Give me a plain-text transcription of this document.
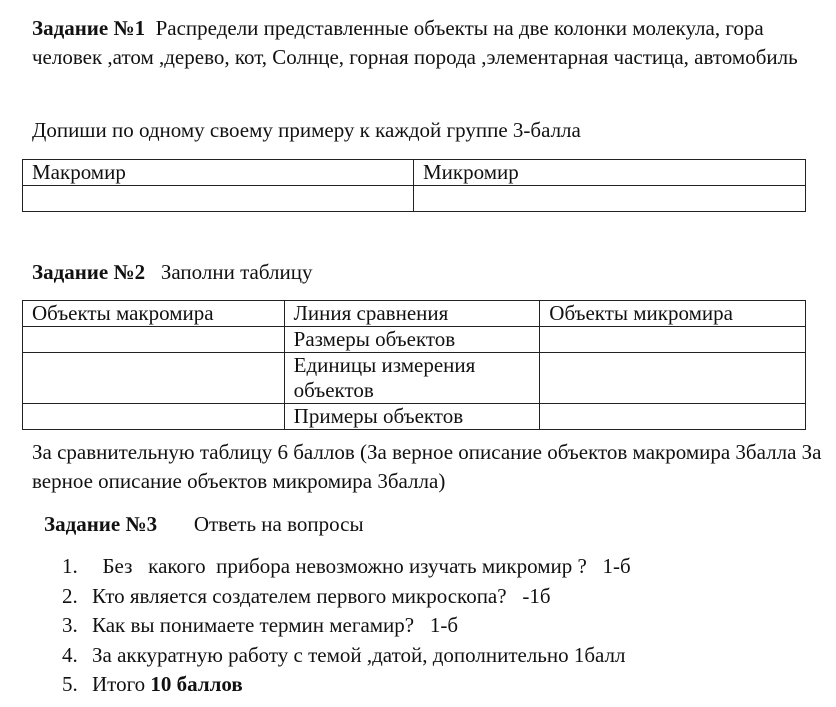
Задание №1 Распредели представленные объекты на две колонки молекула, гора человек ,атом ,дерево, кот, Солнце, горная порода ,элементарная частица, автомобиль
Допиши по одному своему примеру к каждой группе 3-балла
Макромир	Микромир

Задание №2 Заполни таблицу
Объекты макромира	Линия сравнения	Объекты микромира
	Размеры объектов	
	Единицы измерения объектов	
	Примеры объектов	
За сравнительную таблицу 6 баллов (За верное описание объектов макромира 3балла За верное описание объектов микромира 3балла)
Задание №3 Ответь на вопросы
1. Без   какого  прибора невозможно изучать микромир ?   1-б
2. Кто является создателем первого микроскопа?   -1б
3. Как вы понимаете термин мегамир?   1-б
4. За аккуратную работу с темой ,датой, дополнительно 1балл
5. Итого 10 баллов
